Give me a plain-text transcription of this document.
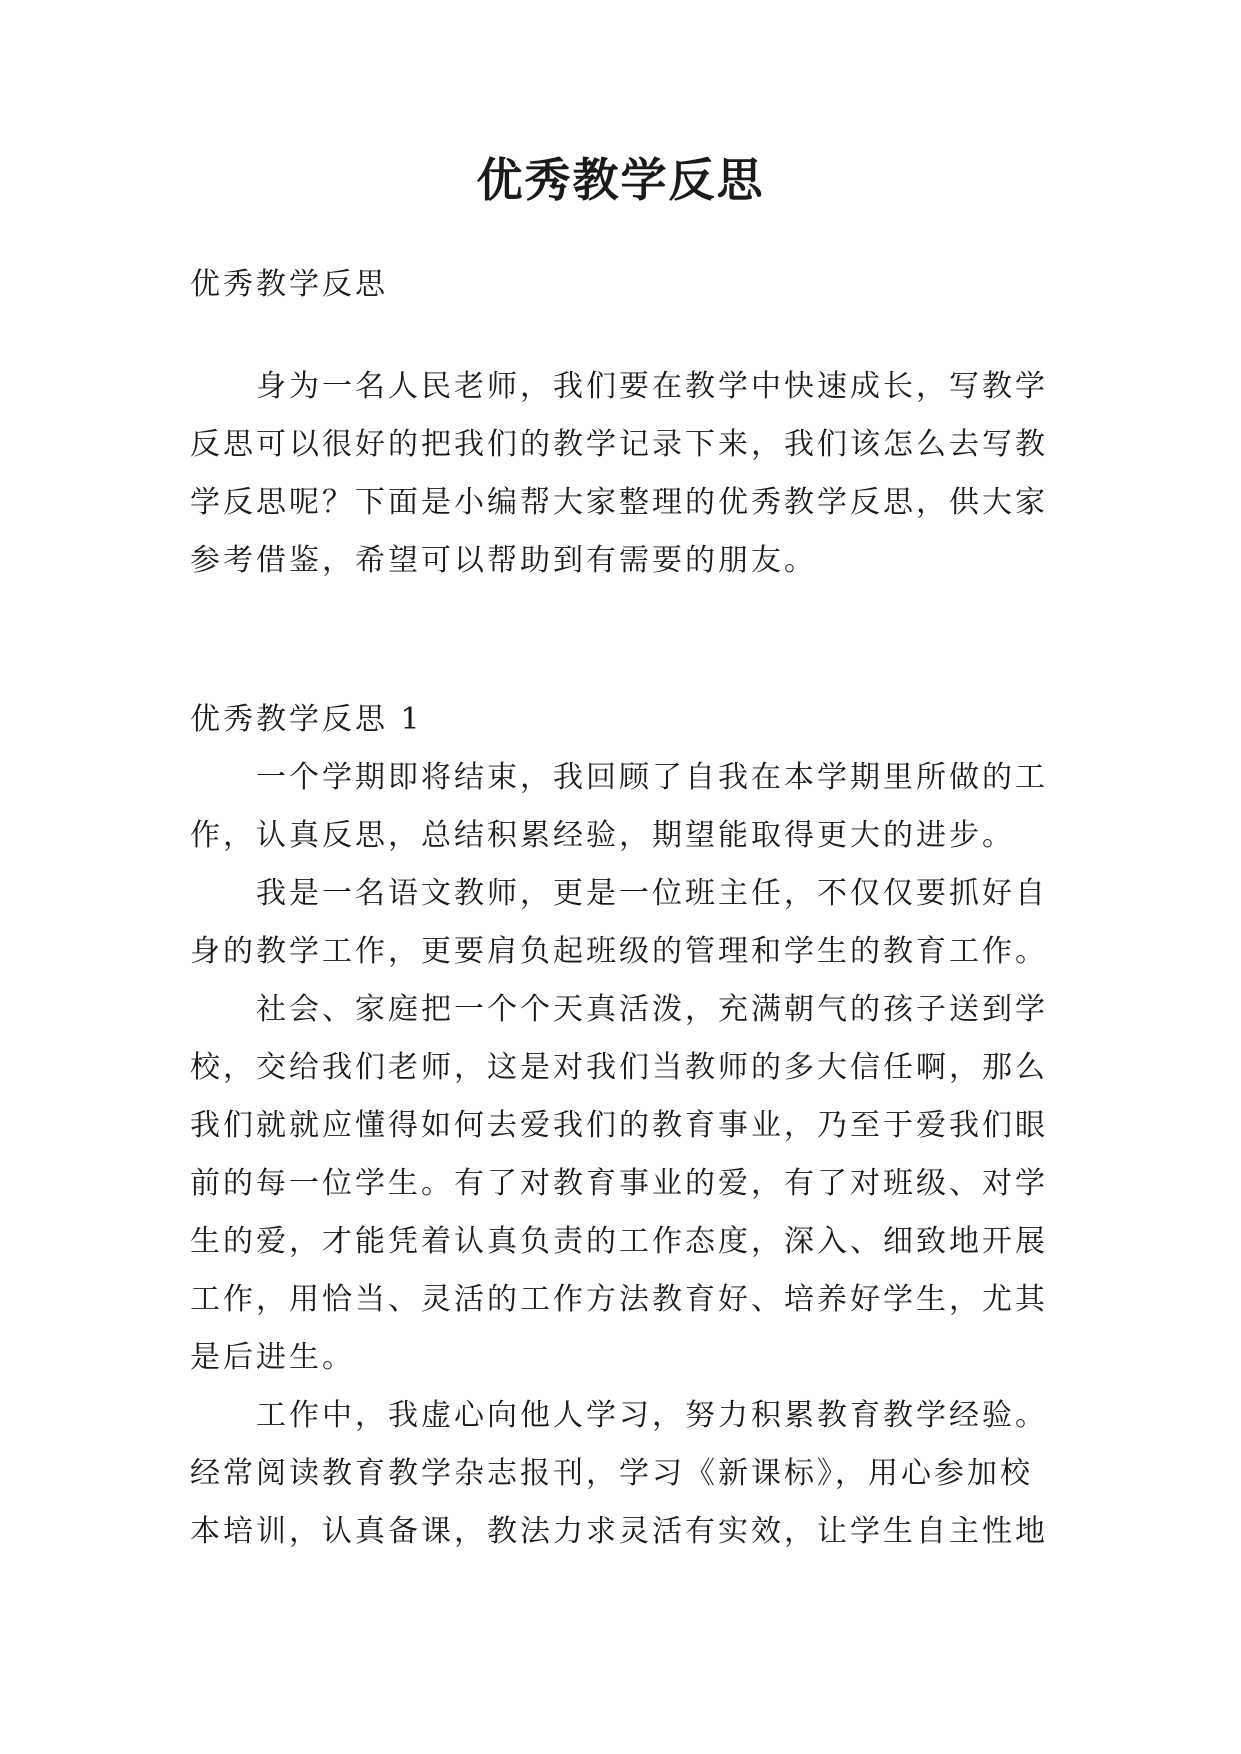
优秀教学反思

优秀教学反思

身为一名人民老师，我们要在教学中快速成长，写教学
反思可以很好的把我们的教学记录下来，我们该怎么去写教
学反思呢？下面是小编帮大家整理的优秀教学反思，供大家
参考借鉴，希望可以帮助到有需要的朋友。

优秀教学反思 1

一个学期即将结束，我回顾了自我在本学期里所做的工
作，认真反思，总结积累经验，期望能取得更大的进步。
我是一名语文教师，更是一位班主任，不仅仅要抓好自
身的教学工作，更要肩负起班级的管理和学生的教育工作。
社会、家庭把一个个天真活泼，充满朝气的孩子送到学
校，交给我们老师，这是对我们当教师的多大信任啊，那么
我们就就应懂得如何去爱我们的教育事业，乃至于爱我们眼
前的每一位学生。有了对教育事业的爱，有了对班级、对学
生的爱，才能凭着认真负责的工作态度，深入、细致地开展
工作，用恰当、灵活的工作方法教育好、培养好学生，尤其
是后进生。
工作中，我虚心向他人学习，努力积累教育教学经验。
经常阅读教育教学杂志报刊，学习《新课标》，用心参加校
本培训，认真备课，教法力求灵活有实效，让学生自主性地
